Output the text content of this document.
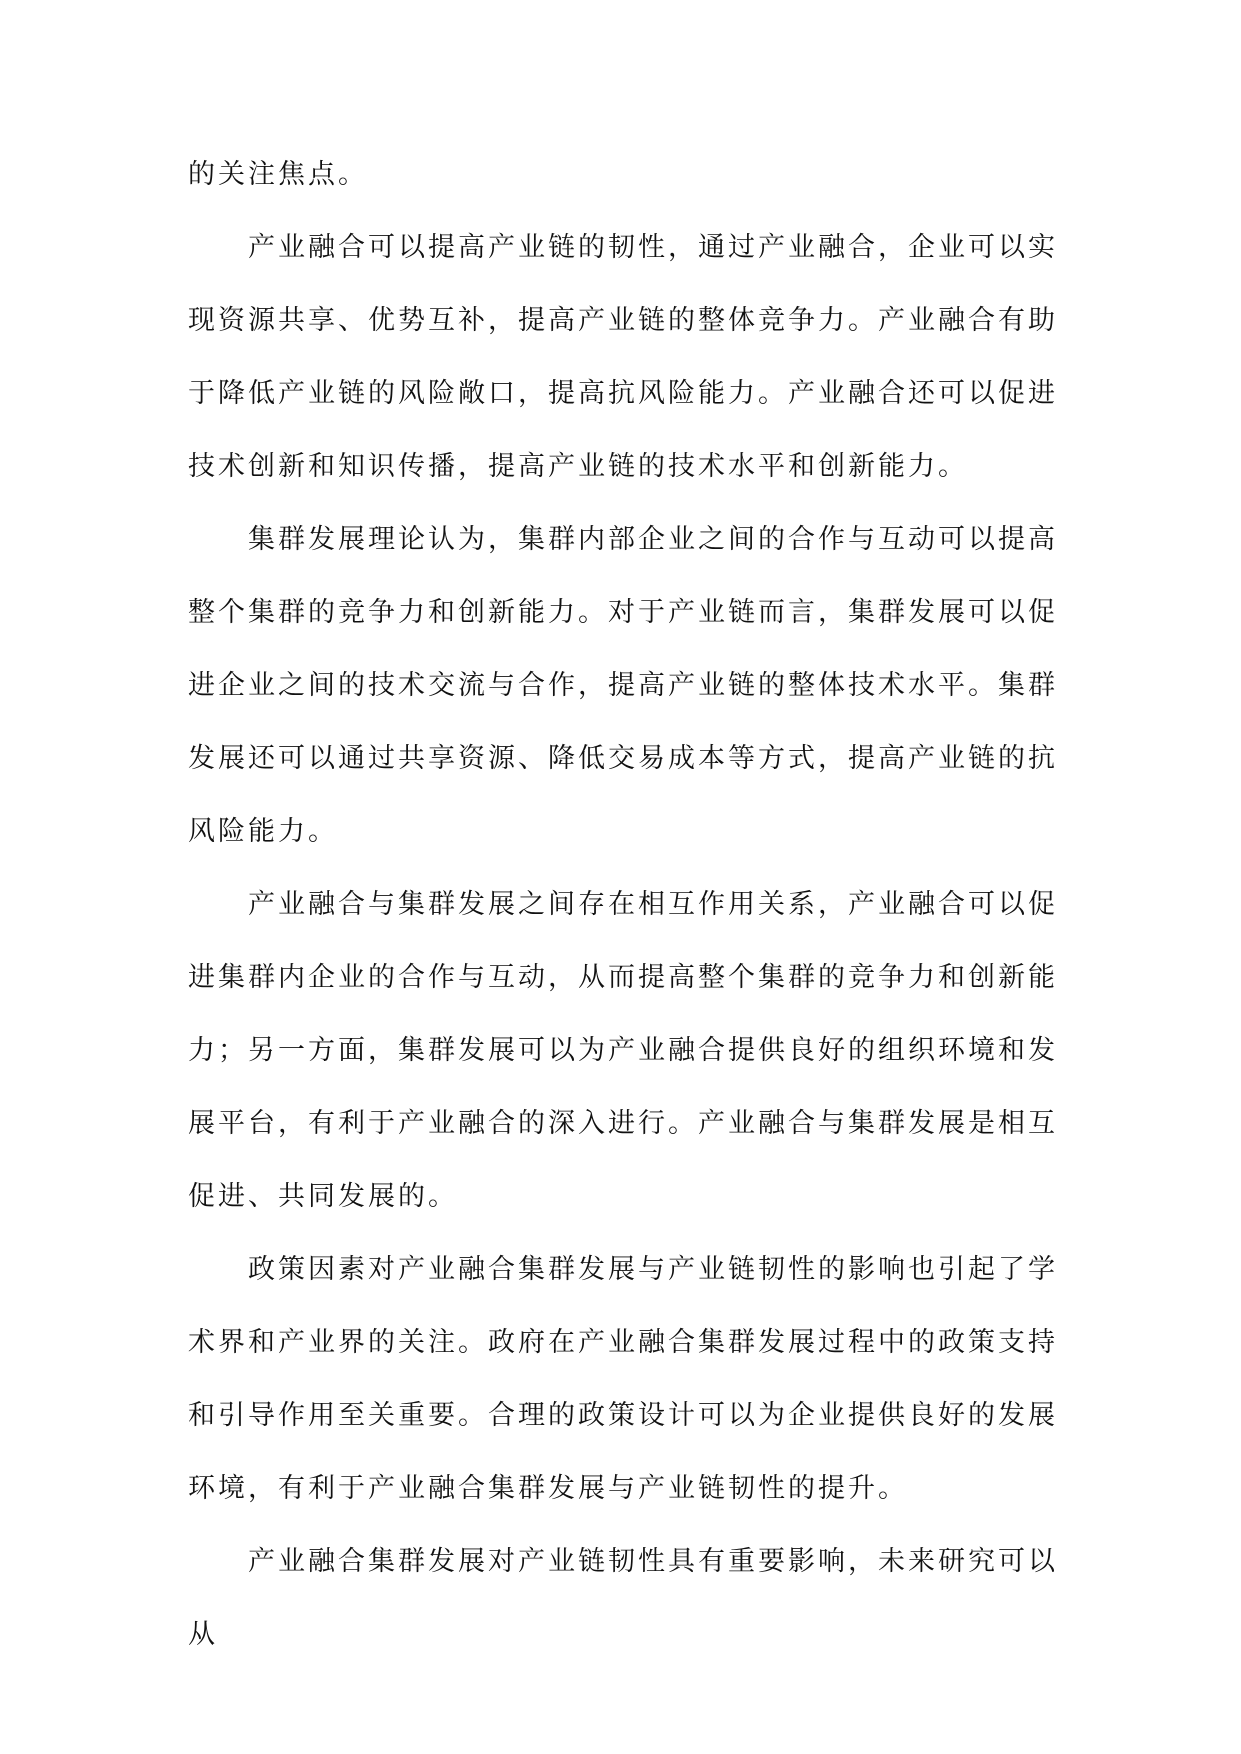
的关注焦点。

产业融合可以提高产业链的韧性，通过产业融合，企业可以实现资源共享、优势互补，提高产业链的整体竞争力。产业融合有助于降低产业链的风险敞口，提高抗风险能力。产业融合还可以促进技术创新和知识传播，提高产业链的技术水平和创新能力。

集群发展理论认为，集群内部企业之间的合作与互动可以提高整个集群的竞争力和创新能力。对于产业链而言，集群发展可以促进企业之间的技术交流与合作，提高产业链的整体技术水平。集群发展还可以通过共享资源、降低交易成本等方式，提高产业链的抗风险能力。

产业融合与集群发展之间存在相互作用关系，产业融合可以促进集群内企业的合作与互动，从而提高整个集群的竞争力和创新能力；另一方面，集群发展可以为产业融合提供良好的组织环境和发展平台，有利于产业融合的深入进行。产业融合与集群发展是相互促进、共同发展的。

政策因素对产业融合集群发展与产业链韧性的影响也引起了学术界和产业界的关注。政府在产业融合集群发展过程中的政策支持和引导作用至关重要。合理的政策设计可以为企业提供良好的发展环境，有利于产业融合集群发展与产业链韧性的提升。

产业融合集群发展对产业链韧性具有重要影响，未来研究可以从
